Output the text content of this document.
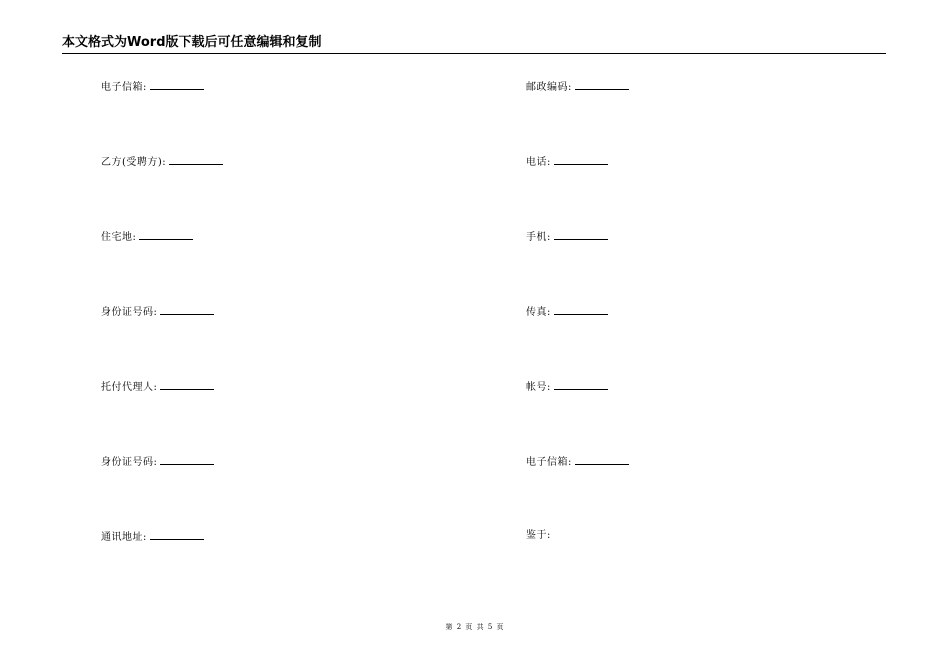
本文格式为Word版下载后可任意编辑和复制
电子信箱:
乙方(受聘方):
住宅地:
身份证号码:
托付代理人:
身份证号码:
通讯地址:
邮政编码:
电话:
手机:
传真:
帐号:
电子信箱:
鉴于:
第 2 页 共 5 页
